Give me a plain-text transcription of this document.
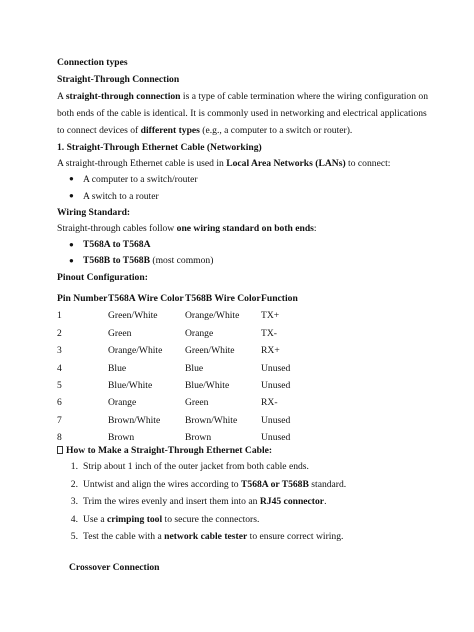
Connection types
Straight-Through Connection
A straight-through connection is a type of cable termination where the wiring configuration on
both ends of the cable is identical. It is commonly used in networking and electrical applications
to connect devices of different types (e.g., a computer to a switch or router).
1. Straight-Through Ethernet Cable (Networking)
A straight-through Ethernet cable is used in Local Area Networks (LANs) to connect:
● A computer to a switch/router
● A switch to a router
Wiring Standard:
Straight-through cables follow one wiring standard on both ends:
● T568A to T568A
● T568B to T568B (most common)
Pinout Configuration:
Pin Number	T568A Wire Color	T568B Wire Color	Function
1	Green/White	Orange/White	TX+
2	Green	Orange	TX-
3	Orange/White	Green/White	RX+
4	Blue	Blue	Unused
5	Blue/White	Blue/White	Unused
6	Orange	Green	RX-
7	Brown/White	Brown/White	Unused
8	Brown	Brown	Unused
How to Make a Straight-Through Ethernet Cable:
1. Strip about 1 inch of the outer jacket from both cable ends.
2. Untwist and align the wires according to T568A or T568B standard.
3. Trim the wires evenly and insert them into an RJ45 connector.
4. Use a crimping tool to secure the connectors.
5. Test the cable with a network cable tester to ensure correct wiring.
Crossover Connection
